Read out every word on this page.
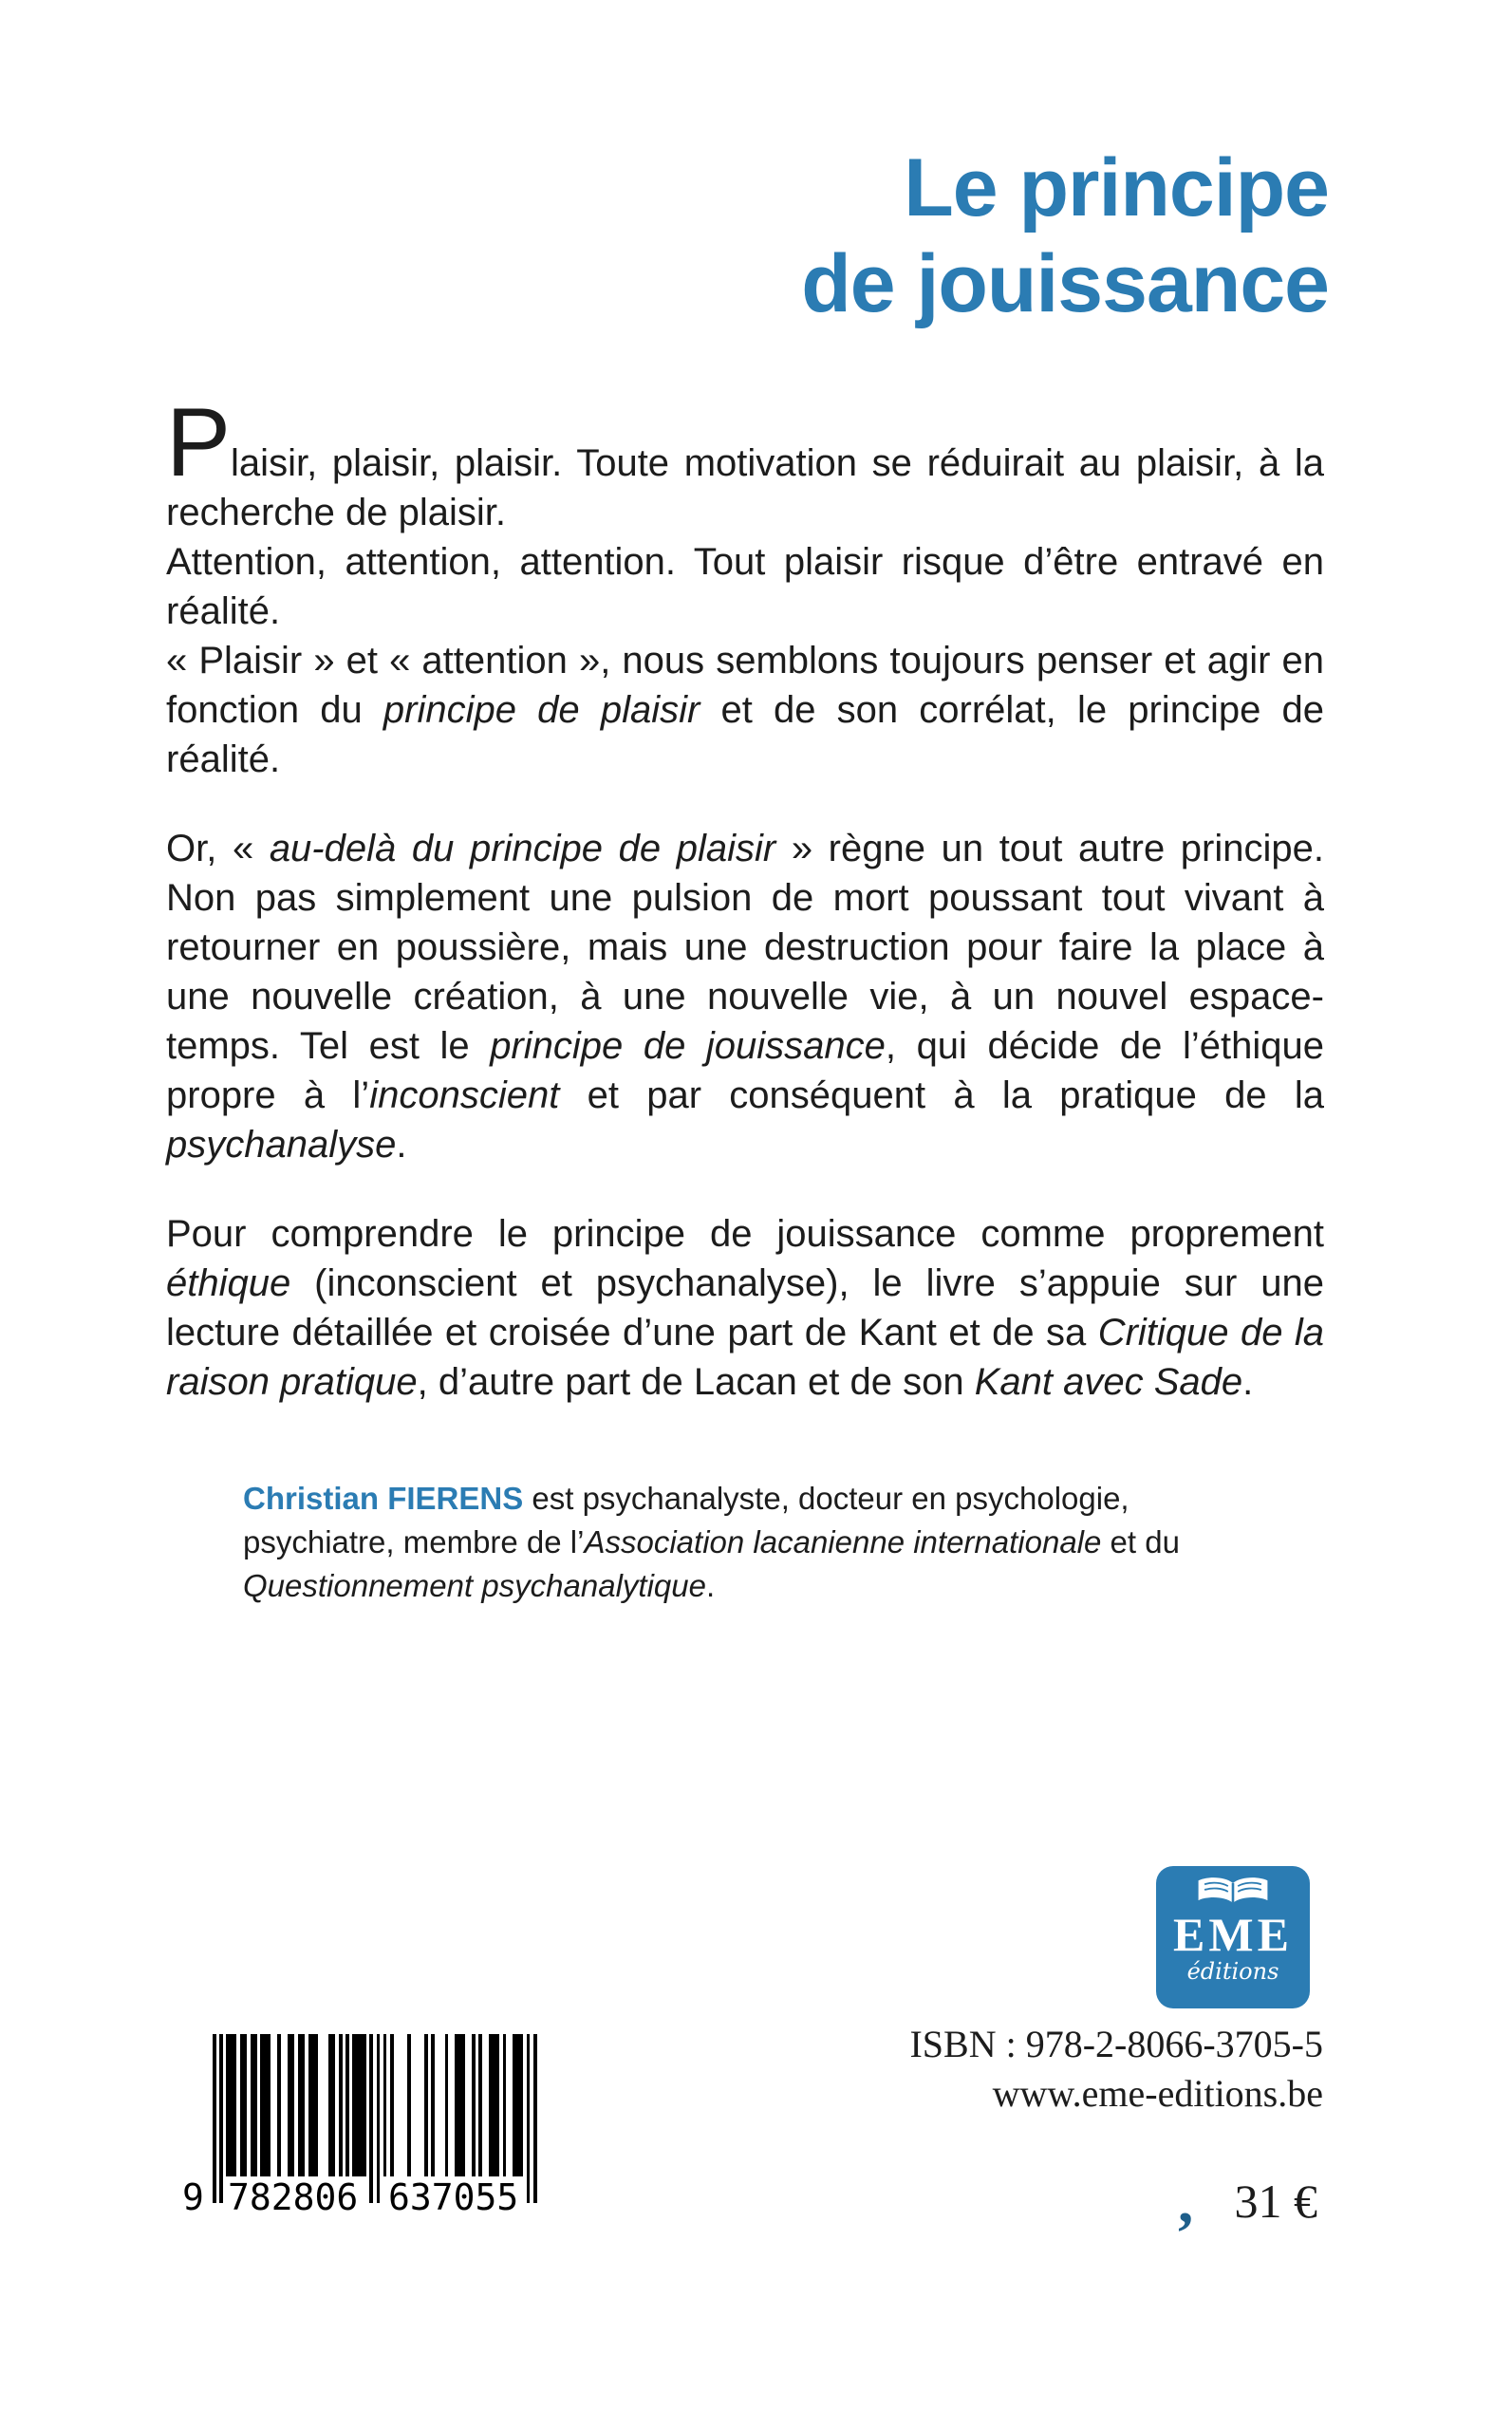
Le principe
de jouissance

Plaisir, plaisir, plaisir. Toute motivation se réduirait au plaisir, à la recherche de plaisir.

Attention, attention, attention. Tout plaisir risque d’être entravé en réalité.

« Plaisir » et « attention », nous semblons toujours penser et agir en fonction du principe de plaisir et de son corrélat, le principe de réalité.

Or, « au-delà du principe de plaisir » règne un tout autre principe. Non pas simplement une pulsion de mort poussant tout vivant à retourner en poussière, mais une destruction pour faire la place à une nouvelle création, à une nouvelle vie, à un nouvel espace-temps. Tel est le principe de jouissance, qui décide de l’éthique propre à l’inconscient et par conséquent à la pratique de la psychanalyse.

Pour comprendre le principe de jouissance comme proprement éthique (inconscient et psychanalyse), le livre s’appuie sur une lecture détaillée et croisée d’une part de Kant et de sa Critique de la raison pratique, d’autre part de Lacan et de son Kant avec Sade.

Christian FIERENS est psychanalyste, docteur en psychologie, psychiatre, membre de l’Association lacanienne internationale et du Questionnement psychanalytique.
EME
éditions
ISBN : 978-2-8066-3705-5
www.eme-editions.be
’ 31 €
9 782806 637055
